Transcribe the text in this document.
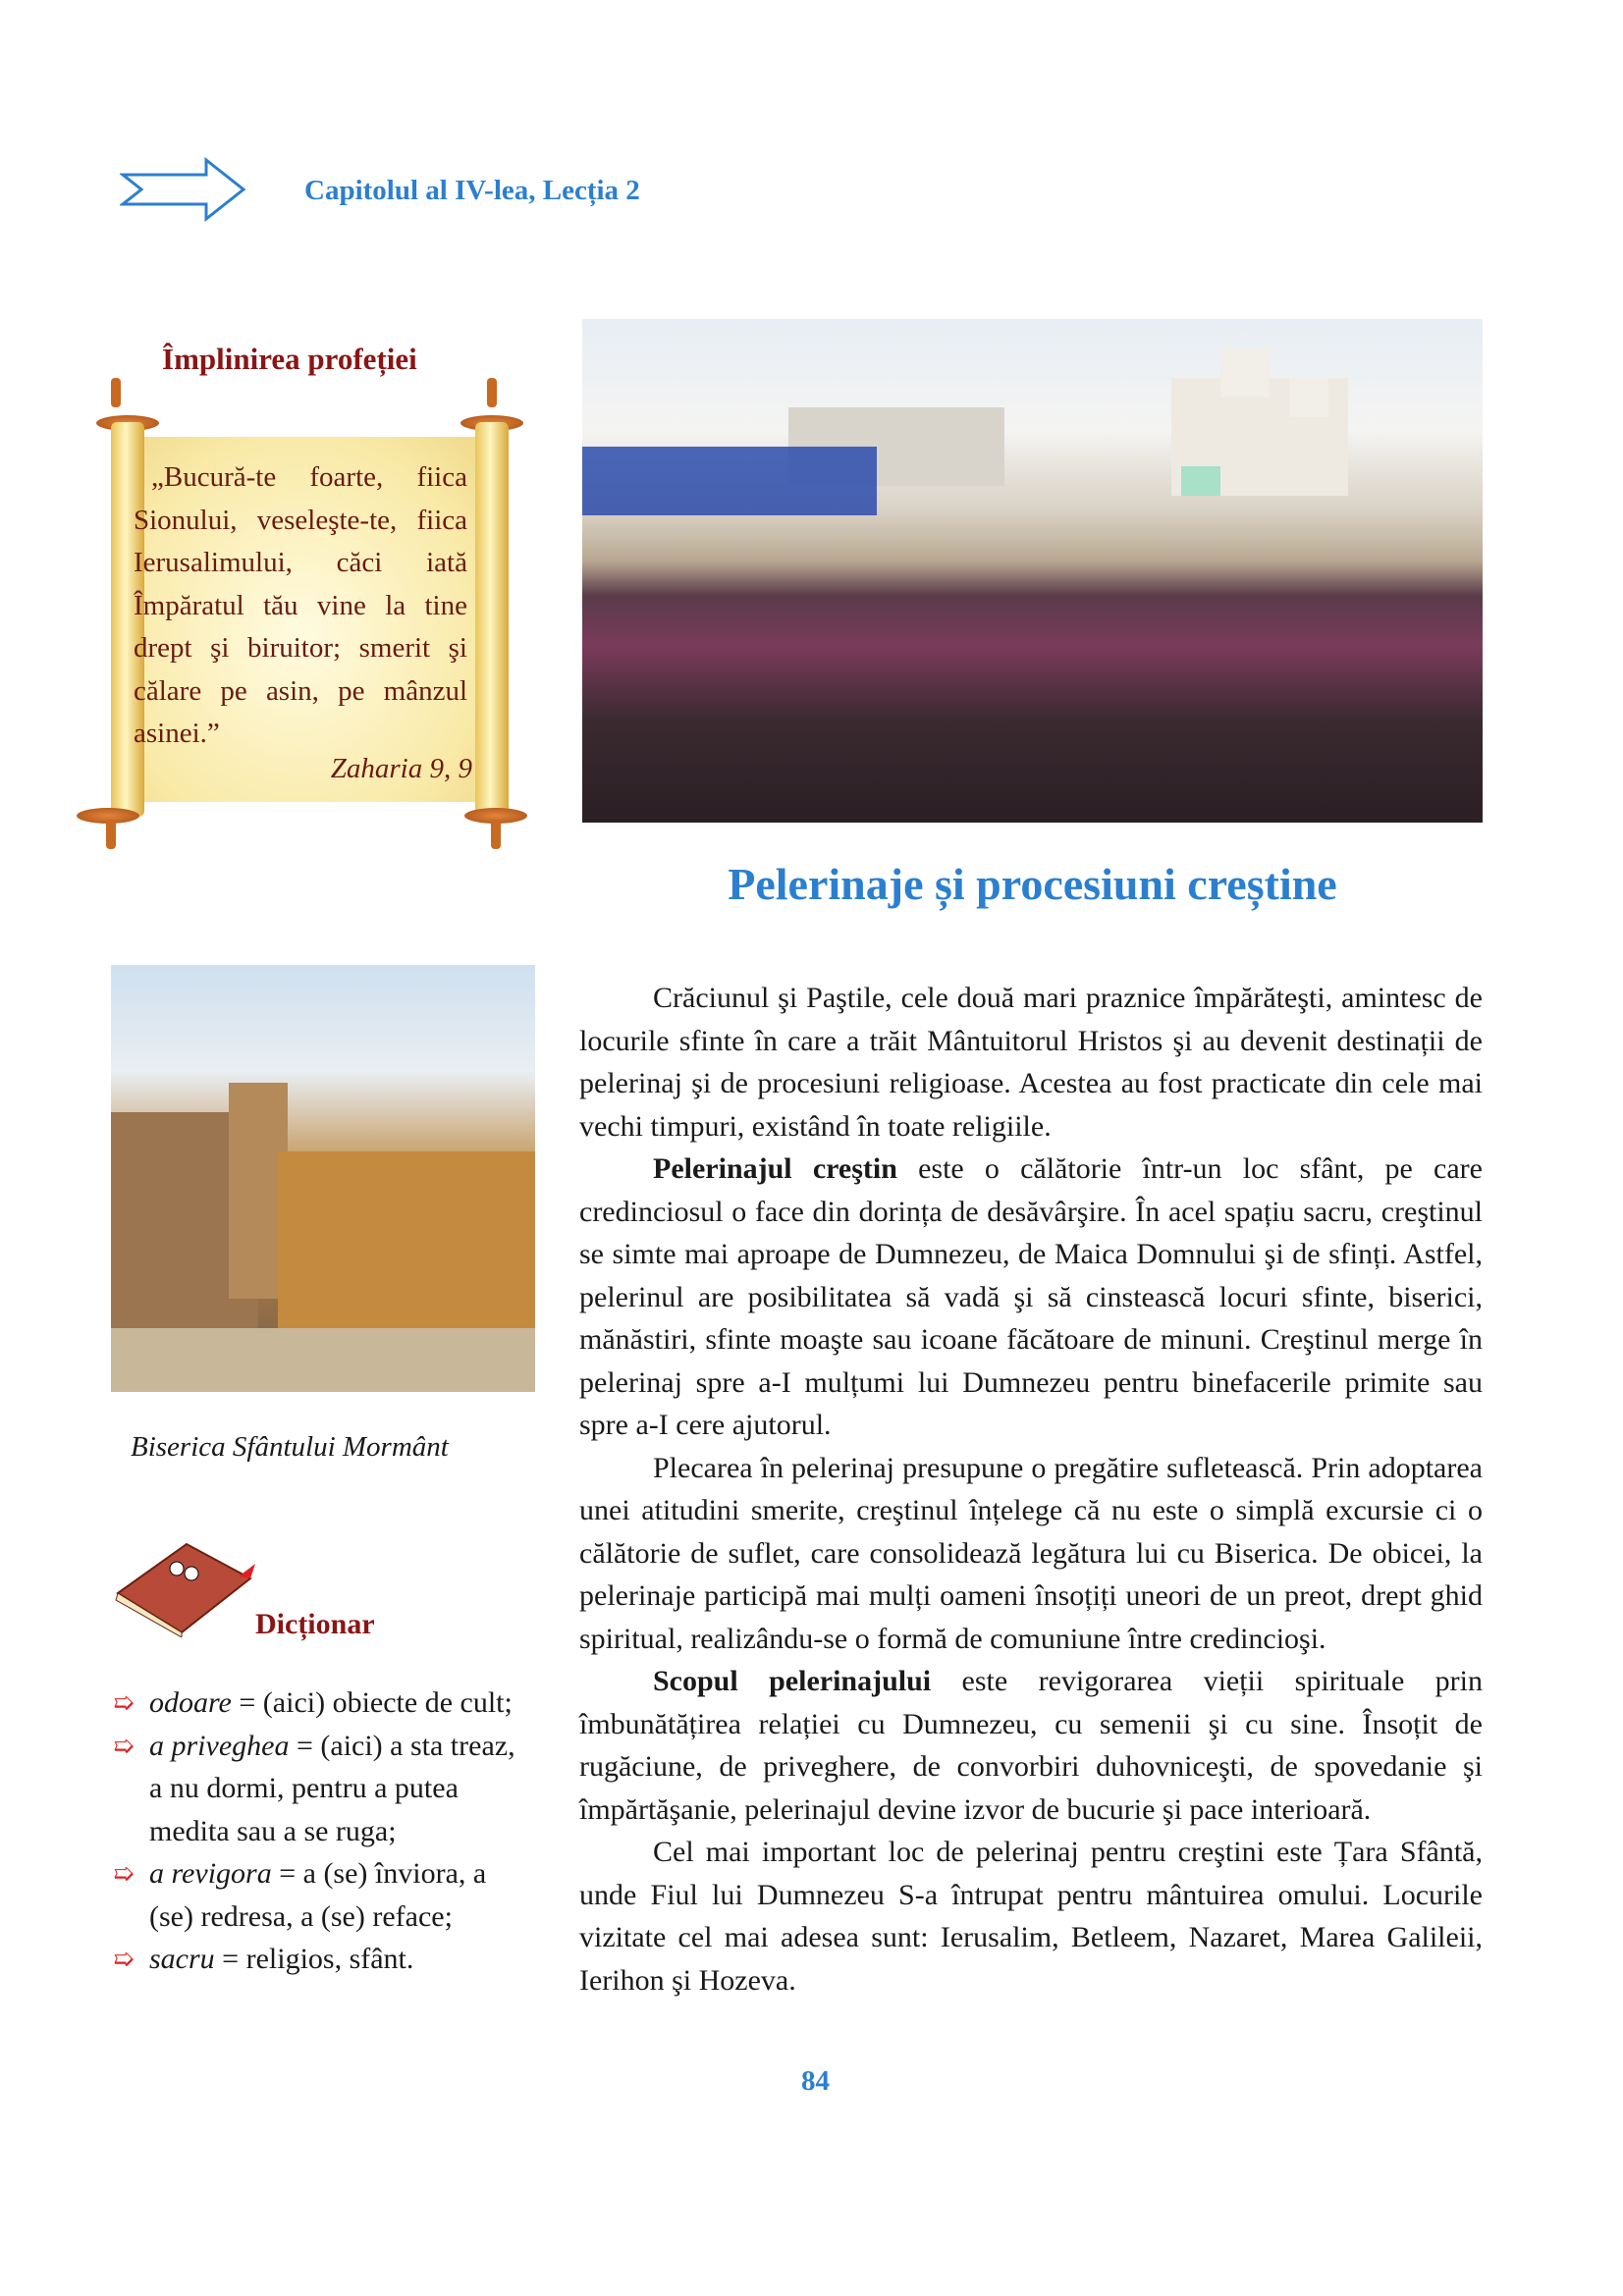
Capitolul al IV-lea, Lecția 2
Împlinirea profeției
„Bucură-te foarte, fiica Sionului, veseleşte-te, fiica Ierusalimului, căci iată Împăratul tău vine la tine drept şi biruitor; smerit şi călare pe asin, pe mânzul asinei.”
Zaharia 9, 9
Pelerinaje și procesiuni creștine
Biserica Sfântului Mormânt
Dicționar
➯ odoare = (aici) obiecte de cult;
➯ a priveghea = (aici) a sta treaz, a nu dormi, pentru a putea medita sau a se ruga;
➯ a revigora = a (se) înviora, a (se) redresa, a (se) reface;
➯ sacru = religios, sfânt.

Crăciunul şi Paştile, cele două mari praznice împărăteşti, amintesc de locurile sfinte în care a trăit Mântuitorul Hristos şi au devenit destinații de pelerinaj şi de procesiuni religioase. Acestea au fost practicate din cele mai vechi timpuri, existând în toate religiile.

Pelerinajul creştin este o călătorie într-un loc sfânt, pe care credinciosul o face din dorința de desăvârşire. În acel spațiu sacru, creştinul se simte mai aproape de Dumnezeu, de Maica Domnului şi de sfinți. Astfel, pelerinul are posibilitatea să vadă şi să cinstească locuri sfinte, biserici, mănăstiri, sfinte moaşte sau icoane făcătoare de minuni. Creştinul merge în pelerinaj spre a-I mulțumi lui Dumnezeu pentru binefacerile primite sau spre a-I cere ajutorul.

Plecarea în pelerinaj presupune o pregătire sufletească. Prin adoptarea unei atitudini smerite, creştinul înțelege că nu este o simplă excursie ci o călătorie de suflet, care consolidează legătura lui cu Biserica. De obicei, la pelerinaje participă mai mulți oameni însoțiți uneori de un preot, drept ghid spiritual, realizându-se o formă de comuniune între credincioşi.

Scopul pelerinajului este revigorarea vieții spirituale prin îmbunătățirea relației cu Dumnezeu, cu semenii şi cu sine. Însoțit de rugăciune, de priveghere, de convorbiri duhovniceşti, de spovedanie şi împărtăşanie, pelerinajul devine izvor de bucurie şi pace interioară.

Cel mai important loc de pelerinaj pentru creştini este Țara Sfântă, unde Fiul lui Dumnezeu S-a întrupat pentru mântuirea omului. Locurile vizitate cel mai adesea sunt: Ierusalim, Betleem, Nazaret, Marea Galileii, Ierihon şi Hozeva.

84
